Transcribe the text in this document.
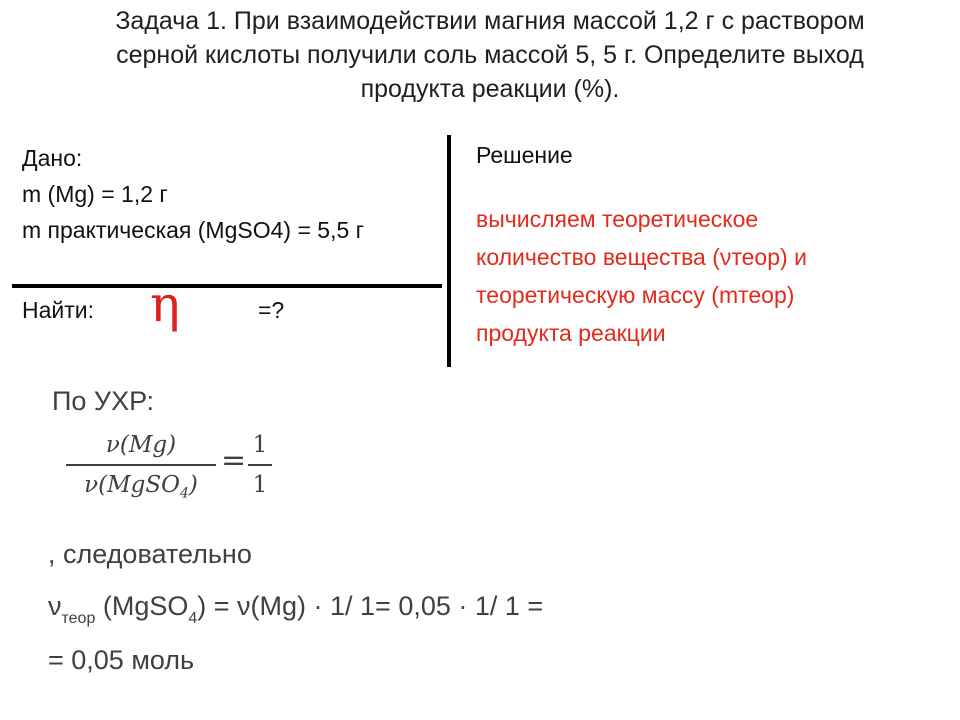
Задача 1. При взаимодействии магния массой 1,2 г с раствором
серной кислоты получили соль массой 5, 5 г. Определите выход
продукта реакции (%).
Дано:
m (Mg) = 1,2 г
m практическая (MgSO4) = 5,5 г
Найти: η	=?
Решение
вычисляем теоретическое
количество вещества (νтеор) и
теоретическую массу (mтеор)
продукта реакции
По УХР:
ν(Mg)
ν(MgSO$_4$)
= 1
1
, следовательно
$\nu_{теор}$ (MgSO$_4$) = ν(Mg) · 1/ 1= 0,05 · 1/ 1 =
= 0,05 моль
